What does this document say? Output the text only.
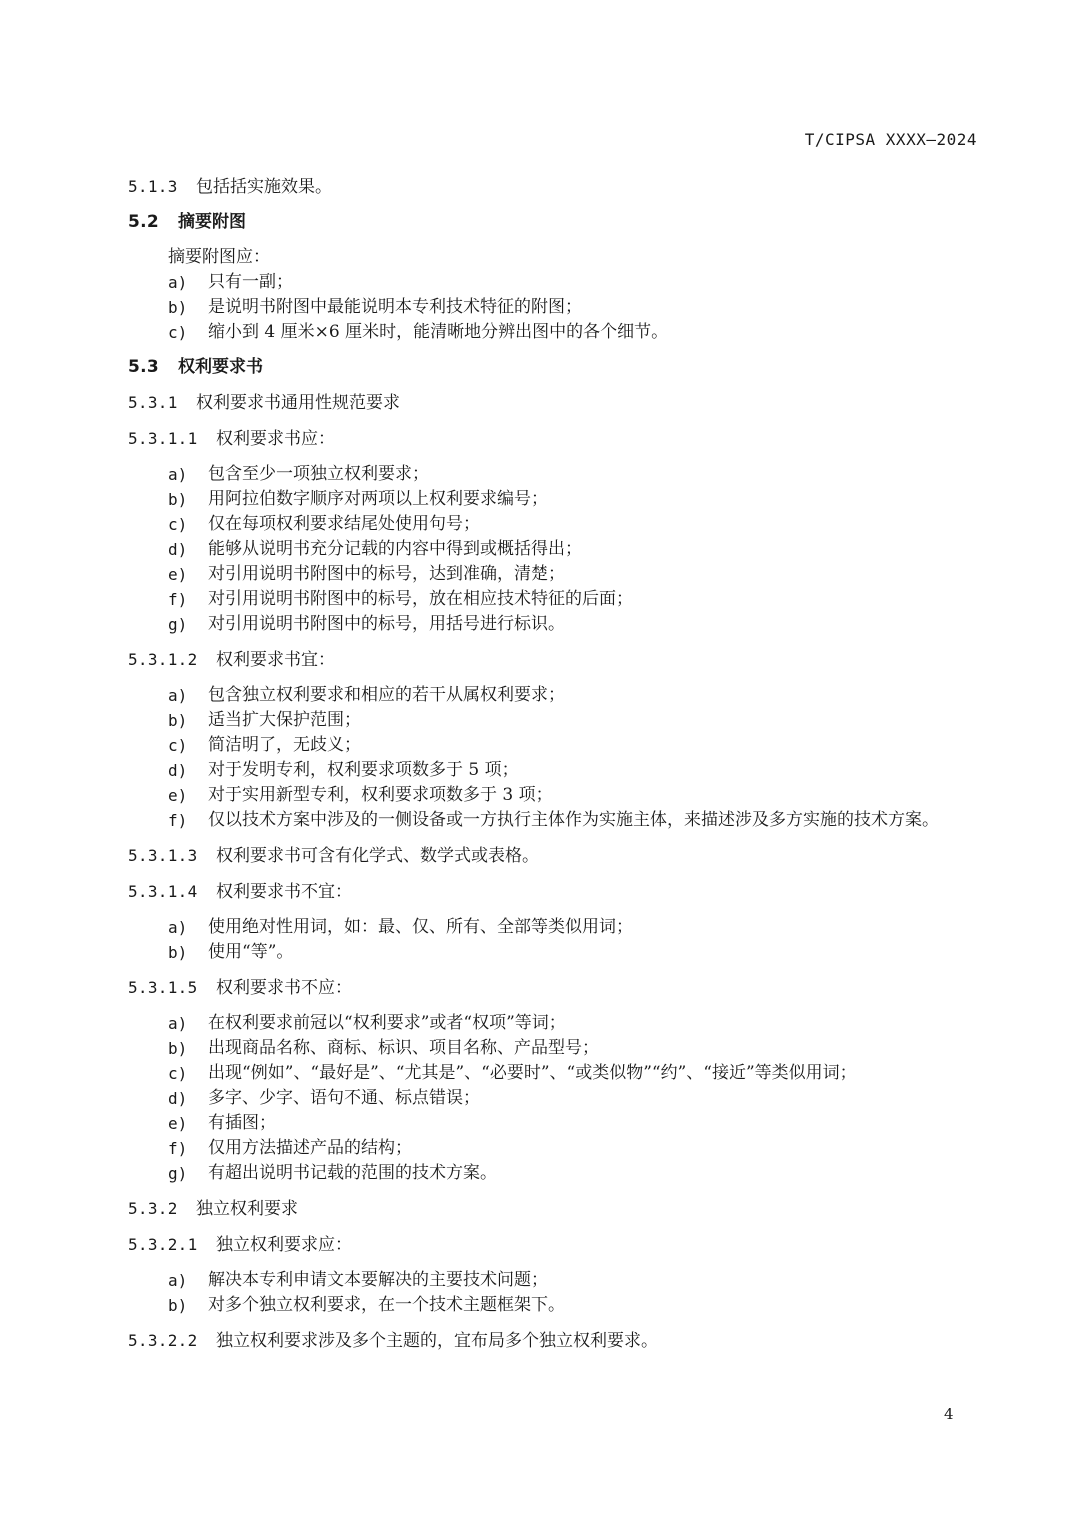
T/CIPSA XXXX—2024
5.1.3 包括括实施效果。
5.2 摘要附图
摘要附图应：
a) 只有一副；
b) 是说明书附图中最能说明本专利技术特征的附图；
c) 缩小到 4 厘米×6 厘米时，能清晰地分辨出图中的各个细节。
5.3 权利要求书
5.3.1 权利要求书通用性规范要求
5.3.1.1 权利要求书应：
a) 包含至少一项独立权利要求；
b) 用阿拉伯数字顺序对两项以上权利要求编号；
c) 仅在每项权利要求结尾处使用句号；
d) 能够从说明书充分记载的内容中得到或概括得出；
e) 对引用说明书附图中的标号，达到准确，清楚；
f) 对引用说明书附图中的标号，放在相应技术特征的后面；
g) 对引用说明书附图中的标号，用括号进行标识。
5.3.1.2 权利要求书宜：
a) 包含独立权利要求和相应的若干从属权利要求；
b) 适当扩大保护范围；
c) 简洁明了，无歧义；
d) 对于发明专利，权利要求项数多于 5 项；
e) 对于实用新型专利，权利要求项数多于 3 项；
f) 仅以技术方案中涉及的一侧设备或一方执行主体作为实施主体，来描述涉及多方实施的技术方案。
5.3.1.3 权利要求书可含有化学式、数学式或表格。
5.3.1.4 权利要求书不宜：
a) 使用绝对性用词，如：最、仅、所有、全部等类似用词；
b) 使用“等”。
5.3.1.5 权利要求书不应：
a) 在权利要求前冠以“权利要求”或者“权项”等词；
b) 出现商品名称、商标、标识、项目名称、产品型号；
c) 出现“例如”、“最好是”、“尤其是”、“必要时”、“或类似物”“约”、“接近”等类似用词；
d) 多字、少字、语句不通、标点错误；
e) 有插图；
f) 仅用方法描述产品的结构；
g) 有超出说明书记载的范围的技术方案。
5.3.2 独立权利要求
5.3.2.1 独立权利要求应：
a) 解决本专利申请文本要解决的主要技术问题；
b) 对多个独立权利要求，在一个技术主题框架下。
5.3.2.2 独立权利要求涉及多个主题的，宜布局多个独立权利要求。
4
